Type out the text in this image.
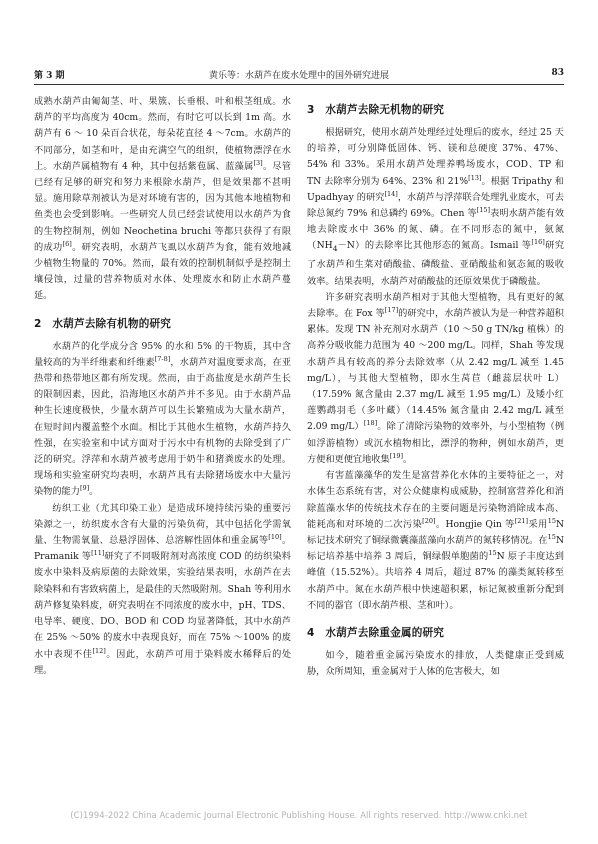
第 3 期	黄乐等：水葫芦在废水处理中的国外研究进展	83

成熟水葫芦由匍匐茎、叶、果簇、长垂根、叶和根茎组成。水葫芦的平均高度为 40cm。然而，有时它可以长到 1m 高。水葫芦有 6 ～ 10 朵百合状花，每朵花直径 4 ～7cm。水葫芦的不同部分，如茎和叶，是由充满空气的组织，使植物漂浮在水上。水葫芦属植物有 4 种，其中包括紫苞属、蓝藻属[3]。尽管已经有足够的研究和努力来根除水葫芦，但是效果都不甚明显。施用除草剂被认为是对环境有害的，因为其他本地植物和鱼类也会受到影响。一些研究人员已经尝试使用以水葫芦为食的生物控制剂，例如 Neochetina bruchi 等都只获得了有限的成功[6]。研究表明，水葫芦飞虱以水葫芦为食，能有效地减少植物生物量的 70%。然而，最有效的控制机制似乎是控制土壤侵蚀，过量的营养物质对水体、处理废水和防止水葫芦蔓延。

2　水葫芦去除有机物的研究

水葫芦的化学成分含 95% 的水和 5% 的干物质，其中含量较高的为半纤维素和纤维素[7-8]，水葫芦对温度要求高，在亚热带和热带地区都有所发现。然而，由于高盐度是水葫芦生长的限制因素，因此，沿海地区水葫芦并不多见。由于水葫芦品种生长速度极快，少量水葫芦可以生长繁殖成为大量水葫芦，在短时间内覆盖整个水面。相比于其他水生植物，水葫芦持久性强，在实验室和中试方面对于污水中有机物的去除受到了广泛的研究。浮萍和水葫芦被考虑用于奶牛和猪粪废水的处理。现场和实验室研究均表明，水葫芦具有去除猪场废水中大量污染物的能力[9]。

纺织工业（尤其印染工业）是造成环境持续污染的重要污染源之一，纺织废水含有大量的污染负荷，其中包括化学需氧量、生物需氧量、总悬浮固体、总溶解性固体和重金属等[10]。Pramanik 等[11]研究了不同吸附剂对高浓度 COD 的纺织染料废水中染料及病原菌的去除效果，实验结果表明，水葫芦在去除染料和有害致病菌上，是最佳的天然吸附剂。Shah 等利用水葫芦修复染料废，研究表明在不同浓度的废水中，pH、TDS、电导率、硬度、DO、BOD 和 COD 均显著降低，其中水葫芦在 25% ～50% 的废水中表现良好，而在 75% ～100% 的废水中表现不佳[12]。因此，水葫芦可用于染料废水稀释后的处理。

3　水葫芦去除无机物的研究

根据研究，使用水葫芦处理经过处理后的废水，经过 25 天的培养，可分别降低固体、钙、镁和总硬度 37%、47%、54% 和 33%。采用水葫芦处理养鸭场废水，COD、TP 和 TN 去除率分别为 64%、23% 和 21%[13]。根据 Tripathy 和 Upadhyay 的研究[14]，水葫芦与浮萍联合处理乳业废水，可去除总氮约 79% 和总磷约 69%。Chen 等[15]表明水葫芦能有效地去除废水中 36% 的氮、磷。在不同形态的氮中，氨氮$(NH_4-N)$的去除率比其他形态的氮高。Ismail 等[16]研究了水葫芦和生菜对硝酸盐、磷酸盐、亚硝酸盐和氨态氮的吸收效率。结果表明，水葫芦对硝酸盐的还原效果优于磷酸盐。

许多研究表明水葫芦相对于其他大型植物，具有更好的氮去除率。在 Fox 等[17]的研究中，水葫芦被认为是一种营养超积累体。发现 TN 补充剂对水葫芦（10 ～50 g TN/kg 植株）的高养分吸收能力范围为 40 ～200 mg/L。同样，Shah 等发现水葫芦具有较高的养分去除效率（从 2.42 mg/L 减至 1.45 mg/L），与其他大型植物，即水生莴苣（雌蕊层状叶 L）（17.59% 氮含量由 2.37 mg/L 减至 1.95 mg/L）及矮小红莲鹦鹉羽毛（多叶藏）（14.45% 氮含量由 2.42 mg/L 减至 2.09 mg/L）[18]。除了清除污染物的效率外，与小型植物（例如浮游植物）或沉水植物相比，漂浮的物种，例如水葫芦，更方便和更便宜地收集[19]。

有害蓝藻藻华的发生是富营养化水体的主要特征之一，对水体生态系统有害，对公众健康构成威胁，控制富营养化和消除蓝藻水华的传统技术存在的主要问题是污染物消除成本高、能耗高和对环境的二次污染[20]。Hongjie Qin 等[21]采用$^{15}$N 标记技术研究了铜绿微囊藻蓝藻向水葫芦的氮转移情况。在$^{15}$N 标记培养基中培养 3 周后，铜绿假单胞菌的$^{15}$N 原子丰度达到峰值（15.52%）。共培养 4 周后，超过 87% 的藻类氮转移至水葫芦中。氮在水葫芦根中快速超积累，标记氮被重新分配到不同的器官（即水葫芦根、茎和叶）。

4　水葫芦去除重金属的研究

如今，随着重金属污染废水的排放，人类健康正受到威胁，众所周知，重金属对于人体的危害极大，如

(C)1994-2022 China Academic Journal Electronic Publishing House. All rights reserved. http://www.cnki.net
